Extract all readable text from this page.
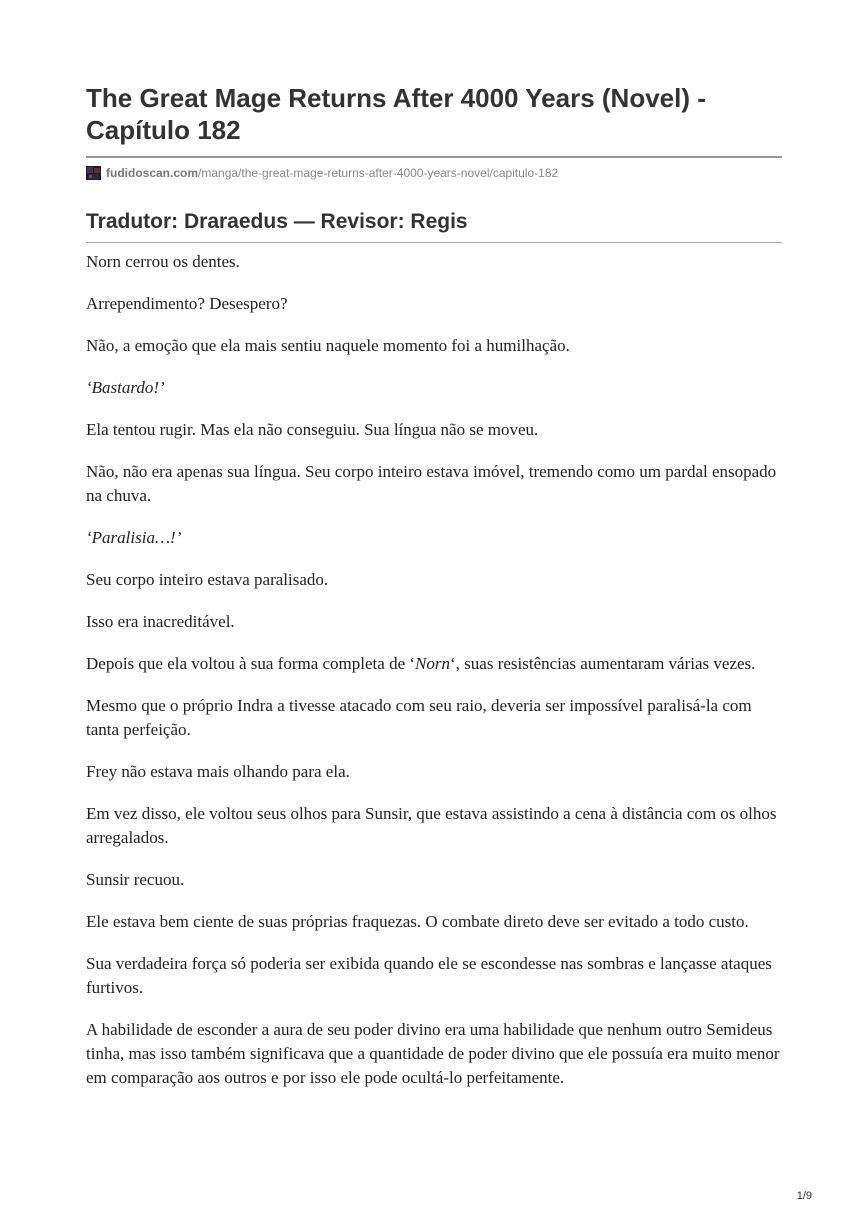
The Great Mage Returns After 4000 Years (Novel) -
Capítulo 182
fudidoscan.com/manga/the-great-mage-returns-after-4000-years-novel/capitulo-182
Tradutor: Draraedus — Revisor: Regis

Norn cerrou os dentes.

Arrependimento? Desespero?

Não, a emoção que ela mais sentiu naquele momento foi a humilhação.

‘Bastardo!’

Ela tentou rugir. Mas ela não conseguiu. Sua língua não se moveu.

Não, não era apenas sua língua. Seu corpo inteiro estava imóvel, tremendo como um pardal ensopado na chuva.

‘Paralisia…!’

Seu corpo inteiro estava paralisado.

Isso era inacreditável.

Depois que ela voltou à sua forma completa de ‘Norn‘, suas resistências aumentaram várias vezes.

Mesmo que o próprio Indra a tivesse atacado com seu raio, deveria ser impossível paralisá-la com tanta perfeição.

Frey não estava mais olhando para ela.

Em vez disso, ele voltou seus olhos para Sunsir, que estava assistindo a cena à distância com os olhos arregalados.

Sunsir recuou.

Ele estava bem ciente de suas próprias fraquezas. O combate direto deve ser evitado a todo custo.

Sua verdadeira força só poderia ser exibida quando ele se escondesse nas sombras e lançasse ataques furtivos.

A habilidade de esconder a aura de seu poder divino era uma habilidade que nenhum outro Semideus tinha, mas isso também significava que a quantidade de poder divino que ele possuía era muito menor em comparação aos outros e por isso ele pode ocultá-lo perfeitamente.

1/9
